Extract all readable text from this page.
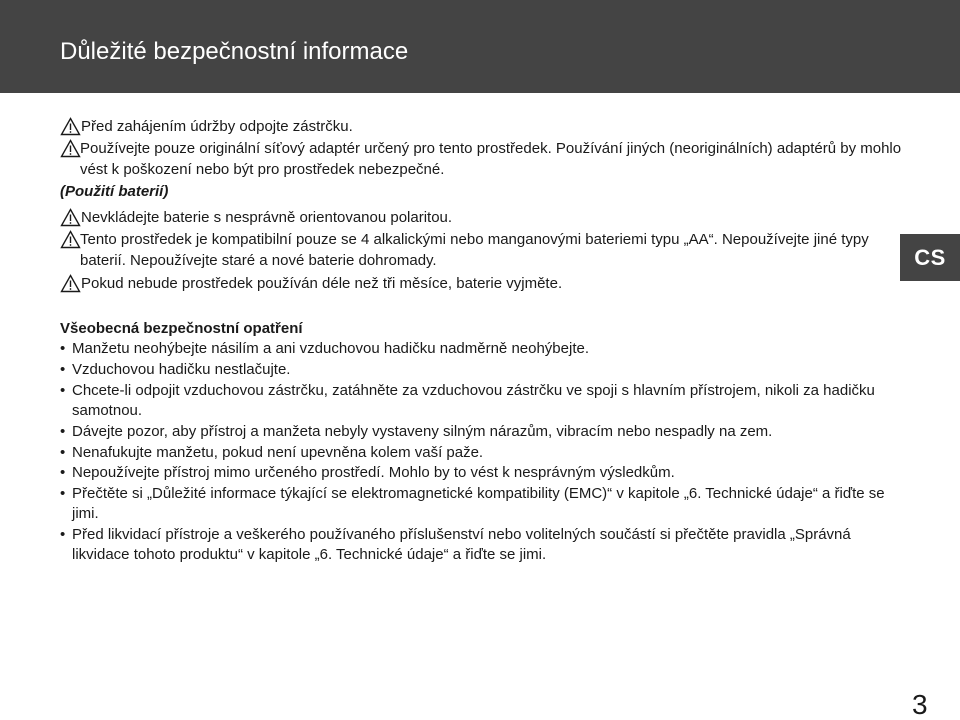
Důležité bezpečnostní informace
Před zahájením údržby odpojte zástrčku.
Používejte pouze originální síťový adaptér určený pro tento prostředek. Používání jiných (neoriginálních) adaptérů by mohlo vést k poškození nebo být pro prostředek nebezpečné.
(Použití baterií)
Nevkládejte baterie s nesprávně orientovanou polaritou.
Tento prostředek je kompatibilní pouze se 4 alkalickými nebo manganovými bateriemi typu „AA“. Nepoužívejte jiné typy baterií. Nepoužívejte staré a nové baterie dohromady.
Pokud nebude prostředek používán déle než tři měsíce, baterie vyjměte.
CS
Všeobecná bezpečnostní opatření
• Manžetu neohýbejte násilím a ani vzduchovou hadičku nadměrně neohýbejte.
• Vzduchovou hadičku nestlačujte.
• Chcete-li odpojit vzduchovou zástrčku, zatáhněte za vzduchovou zástrčku ve spoji s hlavním přístrojem, nikoli za hadičku samotnou.
• Dávejte pozor, aby přístroj a manžeta nebyly vystaveny silným nárazům, vibracím nebo nespadly na zem.
• Nenafukujte manžetu, pokud není upevněna kolem vaší paže.
• Nepoužívejte přístroj mimo určeného prostředí. Mohlo by to vést k nesprávným výsledkům.
• Přečtěte si „Důležité informace týkající se elektromagnetické kompatibility (EMC)“ v kapitole „6. Technické údaje“ a řiďte se jimi.
• Před likvidací přístroje a veškerého používaného příslušenství nebo volitelných součástí si přečtěte pravidla „Správná likvidace tohoto produktu“ v kapitole „6. Technické údaje“ a řiďte se jimi.
3
